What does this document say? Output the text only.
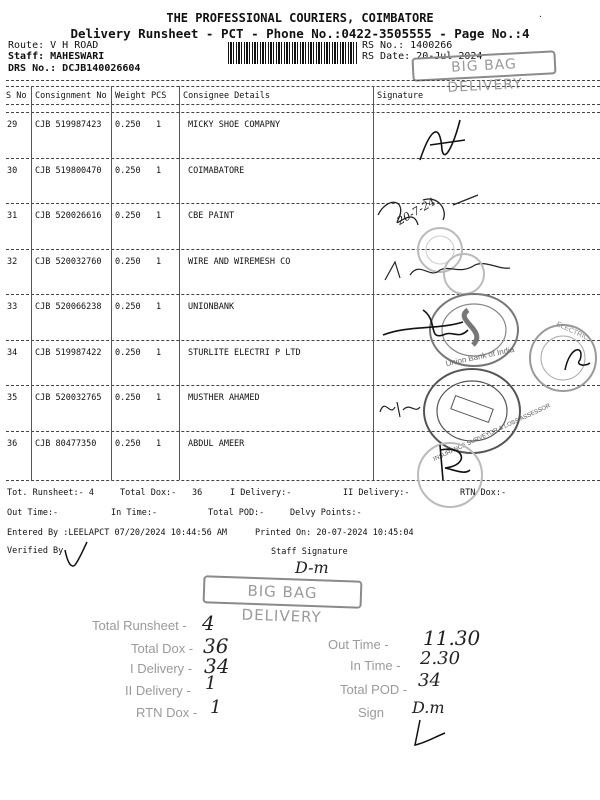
THE PROFESSIONAL COURIERS, COIMBATORE
Delivery Runsheet - PCT - Phone No.:0422-3505555 - Page No.:4
Route: V H ROAD
Staff: MAHESWARI
DRS No.: DCJB140026604
RS No.: 1400266
RS Date: 20-Jul-2024
BIG BAG DELIVERY
·
S No Consignment No Weight PCS Consignee Details	Signature
29 CJB 519987423 0.250 1	MICKY SHOE COMAPNY
30 CJB 519800470 0.250 1	COIMABATORE
31 CJB 520026616 0.250 1	CBE PAINT
32 CJB 520032760 0.250 1	WIRE AND WIREMESH CO
33 CJB 520066238 0.250 1	UNIONBANK
34 CJB 519987422 0.250 1	STURLITE ELECTRI P LTD
35 CJB 520032765 0.250 1	MUSTHER AHAMED
36 CJB 80477350 0.250 1	ABDUL AMEER
20-7-24
Union Bank of India
ELECTRIC
INSURANCE SURVEYOR & LOSS ASSESSOR
Tot. Runsheet:- 4	Total Dox:- 36	I Delivery:-	II Delivery:-	RTN Dox:-
Out Time:-	In Time:-	Total POD:-	Delvy Points:-
Entered By :LEELAPCT 07/20/2024 10:44:56 AM	Printed On: 20-07-2024 10:45:04
Verified By	Staff Signature
D-m
BIG BAG DELIVERY
Total Runsheet - 4
Total Dox - 36
I Delivery - 34
II Delivery - 1
RTN Dox - 1
Out Time - 11.30
In Time - 2.30
Total POD - 34
Sign D.m
